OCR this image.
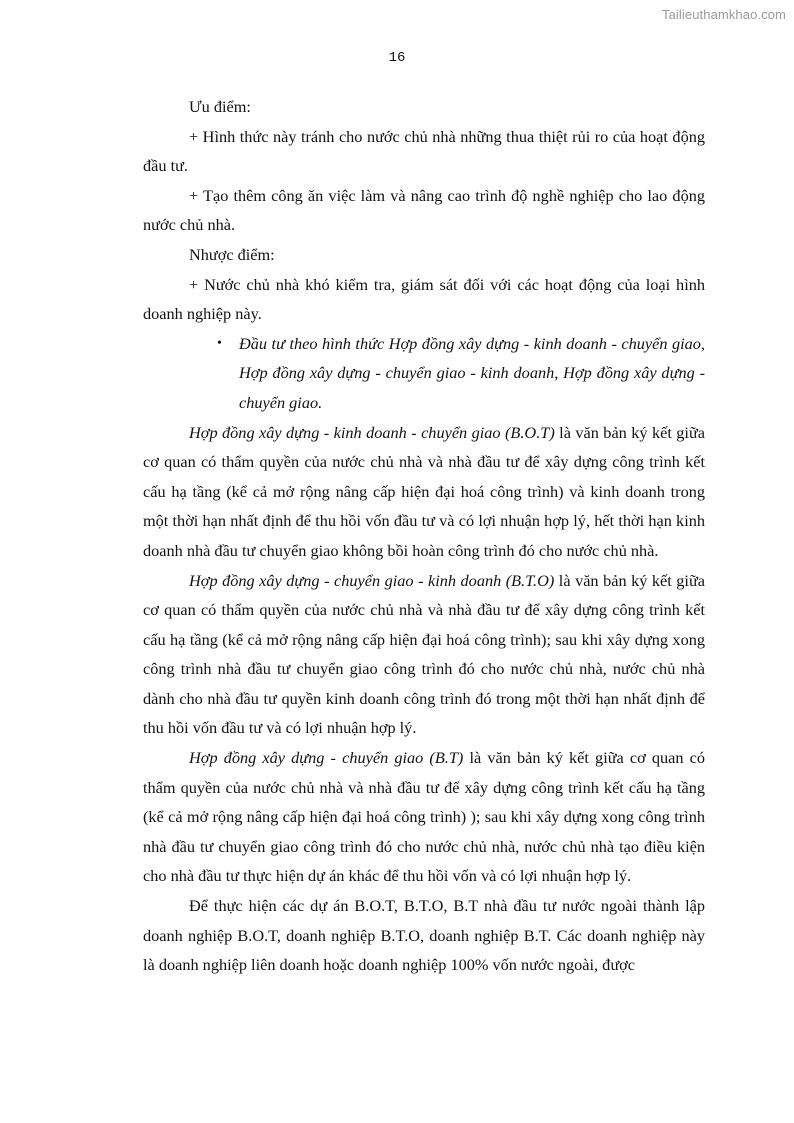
Tailieuthamkhao.com
16

Ưu điểm:

+ Hình thức này tránh cho nước chủ nhà những thua thiệt rủi ro của hoạt động đầu tư.

+ Tạo thêm công ăn việc làm và nâng cao trình độ nghề nghiệp cho lao động nước chủ nhà.

Nhược điểm:

+ Nước chủ nhà khó kiểm tra, giám sát đối với các hoạt động của loại hình doanh nghiệp này.

• Đầu tư theo hình thức Hợp đồng xây dựng - kinh doanh - chuyển giao, Hợp đồng xây dựng - chuyển giao - kinh doanh, Hợp đồng xây dựng - chuyển giao.

Hợp đồng xây dựng - kinh doanh - chuyển giao (B.O.T) là văn bản ký kết giữa cơ quan có thẩm quyền của nước chủ nhà và nhà đầu tư để xây dựng công trình kết cấu hạ tầng (kể cả mở rộng nâng cấp hiện đại hoá công trình) và kinh doanh trong một thời hạn nhất định để thu hồi vốn đầu tư và có lợi nhuận hợp lý, hết thời hạn kinh doanh nhà đầu tư chuyển giao không bồi hoàn công trình đó cho nước chủ nhà.

Hợp đồng xây dựng - chuyển giao - kinh doanh (B.T.O) là văn bản ký kết giữa cơ quan có thẩm quyền của nước chủ nhà và nhà đầu tư để xây dựng công trình kết cấu hạ tầng (kể cả mở rộng nâng cấp hiện đại hoá công trình); sau khi xây dựng xong công trình nhà đầu tư chuyển giao công trình đó cho nước chủ nhà, nước chủ nhà dành cho nhà đầu tư quyền kinh doanh công trình đó trong một thời hạn nhất định để thu hồi vốn đầu tư và có lợi nhuận hợp lý.

Hợp đồng xây dựng - chuyển giao (B.T) là văn bản ký kết giữa cơ quan có thẩm quyền của nước chủ nhà và nhà đầu tư để xây dựng công trình kết cấu hạ tầng (kể cả mở rộng nâng cấp hiện đại hoá công trình) ); sau khi xây dựng xong công trình nhà đầu tư chuyển giao công trình đó cho nước chủ nhà, nước chủ nhà tạo điều kiện cho nhà đầu tư thực hiện dự án khác để thu hồi vốn và có lợi nhuận hợp lý.

Để thực hiện các dự án B.O.T, B.T.O, B.T nhà đầu tư nước ngoài thành lập doanh nghiệp B.O.T, doanh nghiệp B.T.O, doanh nghiệp B.T. Các doanh nghiệp này là doanh nghiệp liên doanh hoặc doanh nghiệp 100% vốn nước ngoài, được
